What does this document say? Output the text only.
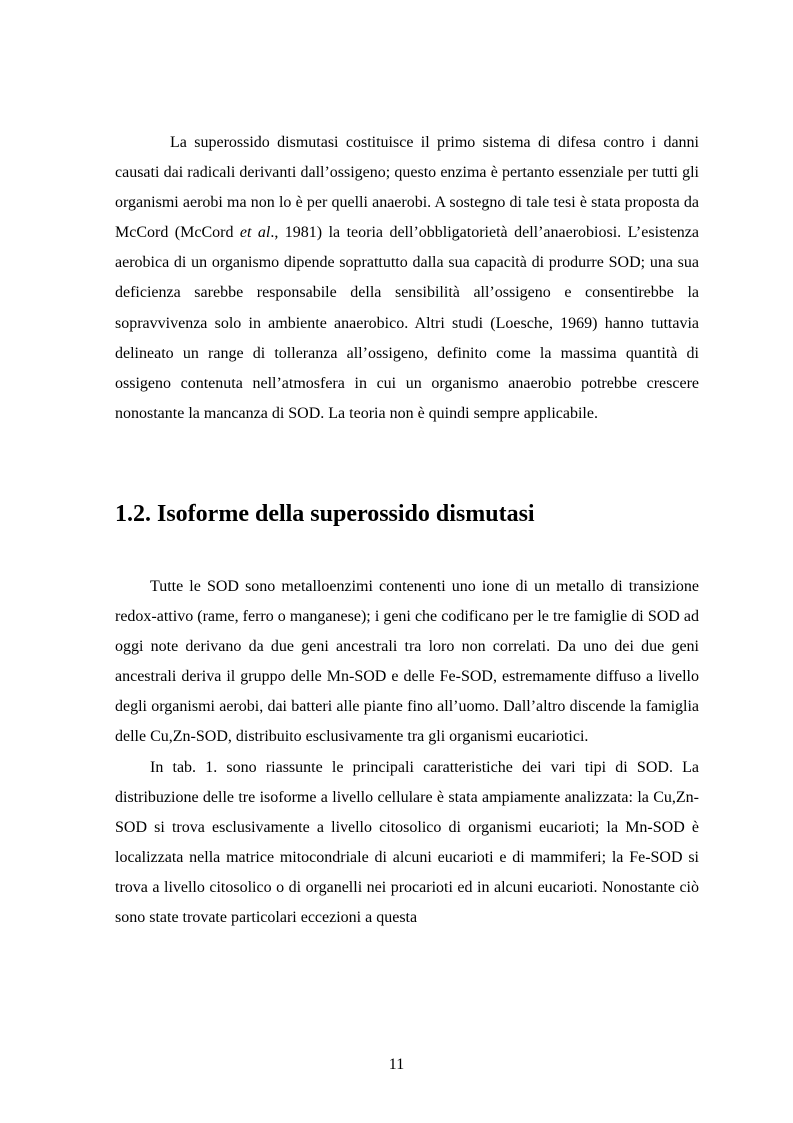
La superossido dismutasi costituisce il primo sistema di difesa contro i danni causati dai radicali derivanti dall’ossigeno; questo enzima è pertanto essenziale per tutti gli organismi aerobi ma non lo è per quelli anaerobi. A sostegno di tale tesi è stata proposta da McCord (McCord et al., 1981) la teoria dell’obbligatorietà dell’anaerobiosi. L’esistenza aerobica di un organismo dipende soprattutto dalla sua capacità di produrre SOD; una sua deficienza sarebbe responsabile della sensibilità all’ossigeno e consentirebbe la sopravvivenza solo in ambiente anaerobico. Altri studi (Loesche, 1969) hanno tuttavia delineato un range di tolleranza all’ossigeno, definito come la massima quantità di ossigeno contenuta nell’atmosfera in cui un organismo anaerobio potrebbe crescere nonostante la mancanza di SOD. La teoria non è quindi sempre applicabile.

1.2. Isoforme della superossido dismutasi

Tutte le SOD sono metalloenzimi contenenti uno ione di un metallo di transizione redox-attivo (rame, ferro o manganese); i geni che codificano per le tre famiglie di SOD ad oggi note derivano da due geni ancestrali tra loro non correlati. Da uno dei due geni ancestrali deriva il gruppo delle Mn-SOD e delle Fe-SOD, estremamente diffuso a livello degli organismi aerobi, dai batteri alle piante fino all’uomo. Dall’altro discende la famiglia delle Cu,Zn-SOD, distribuito esclusivamente tra gli organismi eucariotici.

In tab. 1. sono riassunte le principali caratteristiche dei vari tipi di SOD. La distribuzione delle tre isoforme a livello cellulare è stata ampiamente analizzata: la Cu,Zn-SOD si trova esclusivamente a livello citosolico di organismi eucarioti; la Mn-SOD è localizzata nella matrice mitocondriale di alcuni eucarioti e di mammiferi; la Fe-SOD si trova a livello citosolico o di organelli nei procarioti ed in alcuni eucarioti. Nonostante ciò sono state trovate particolari eccezioni a questa

11
